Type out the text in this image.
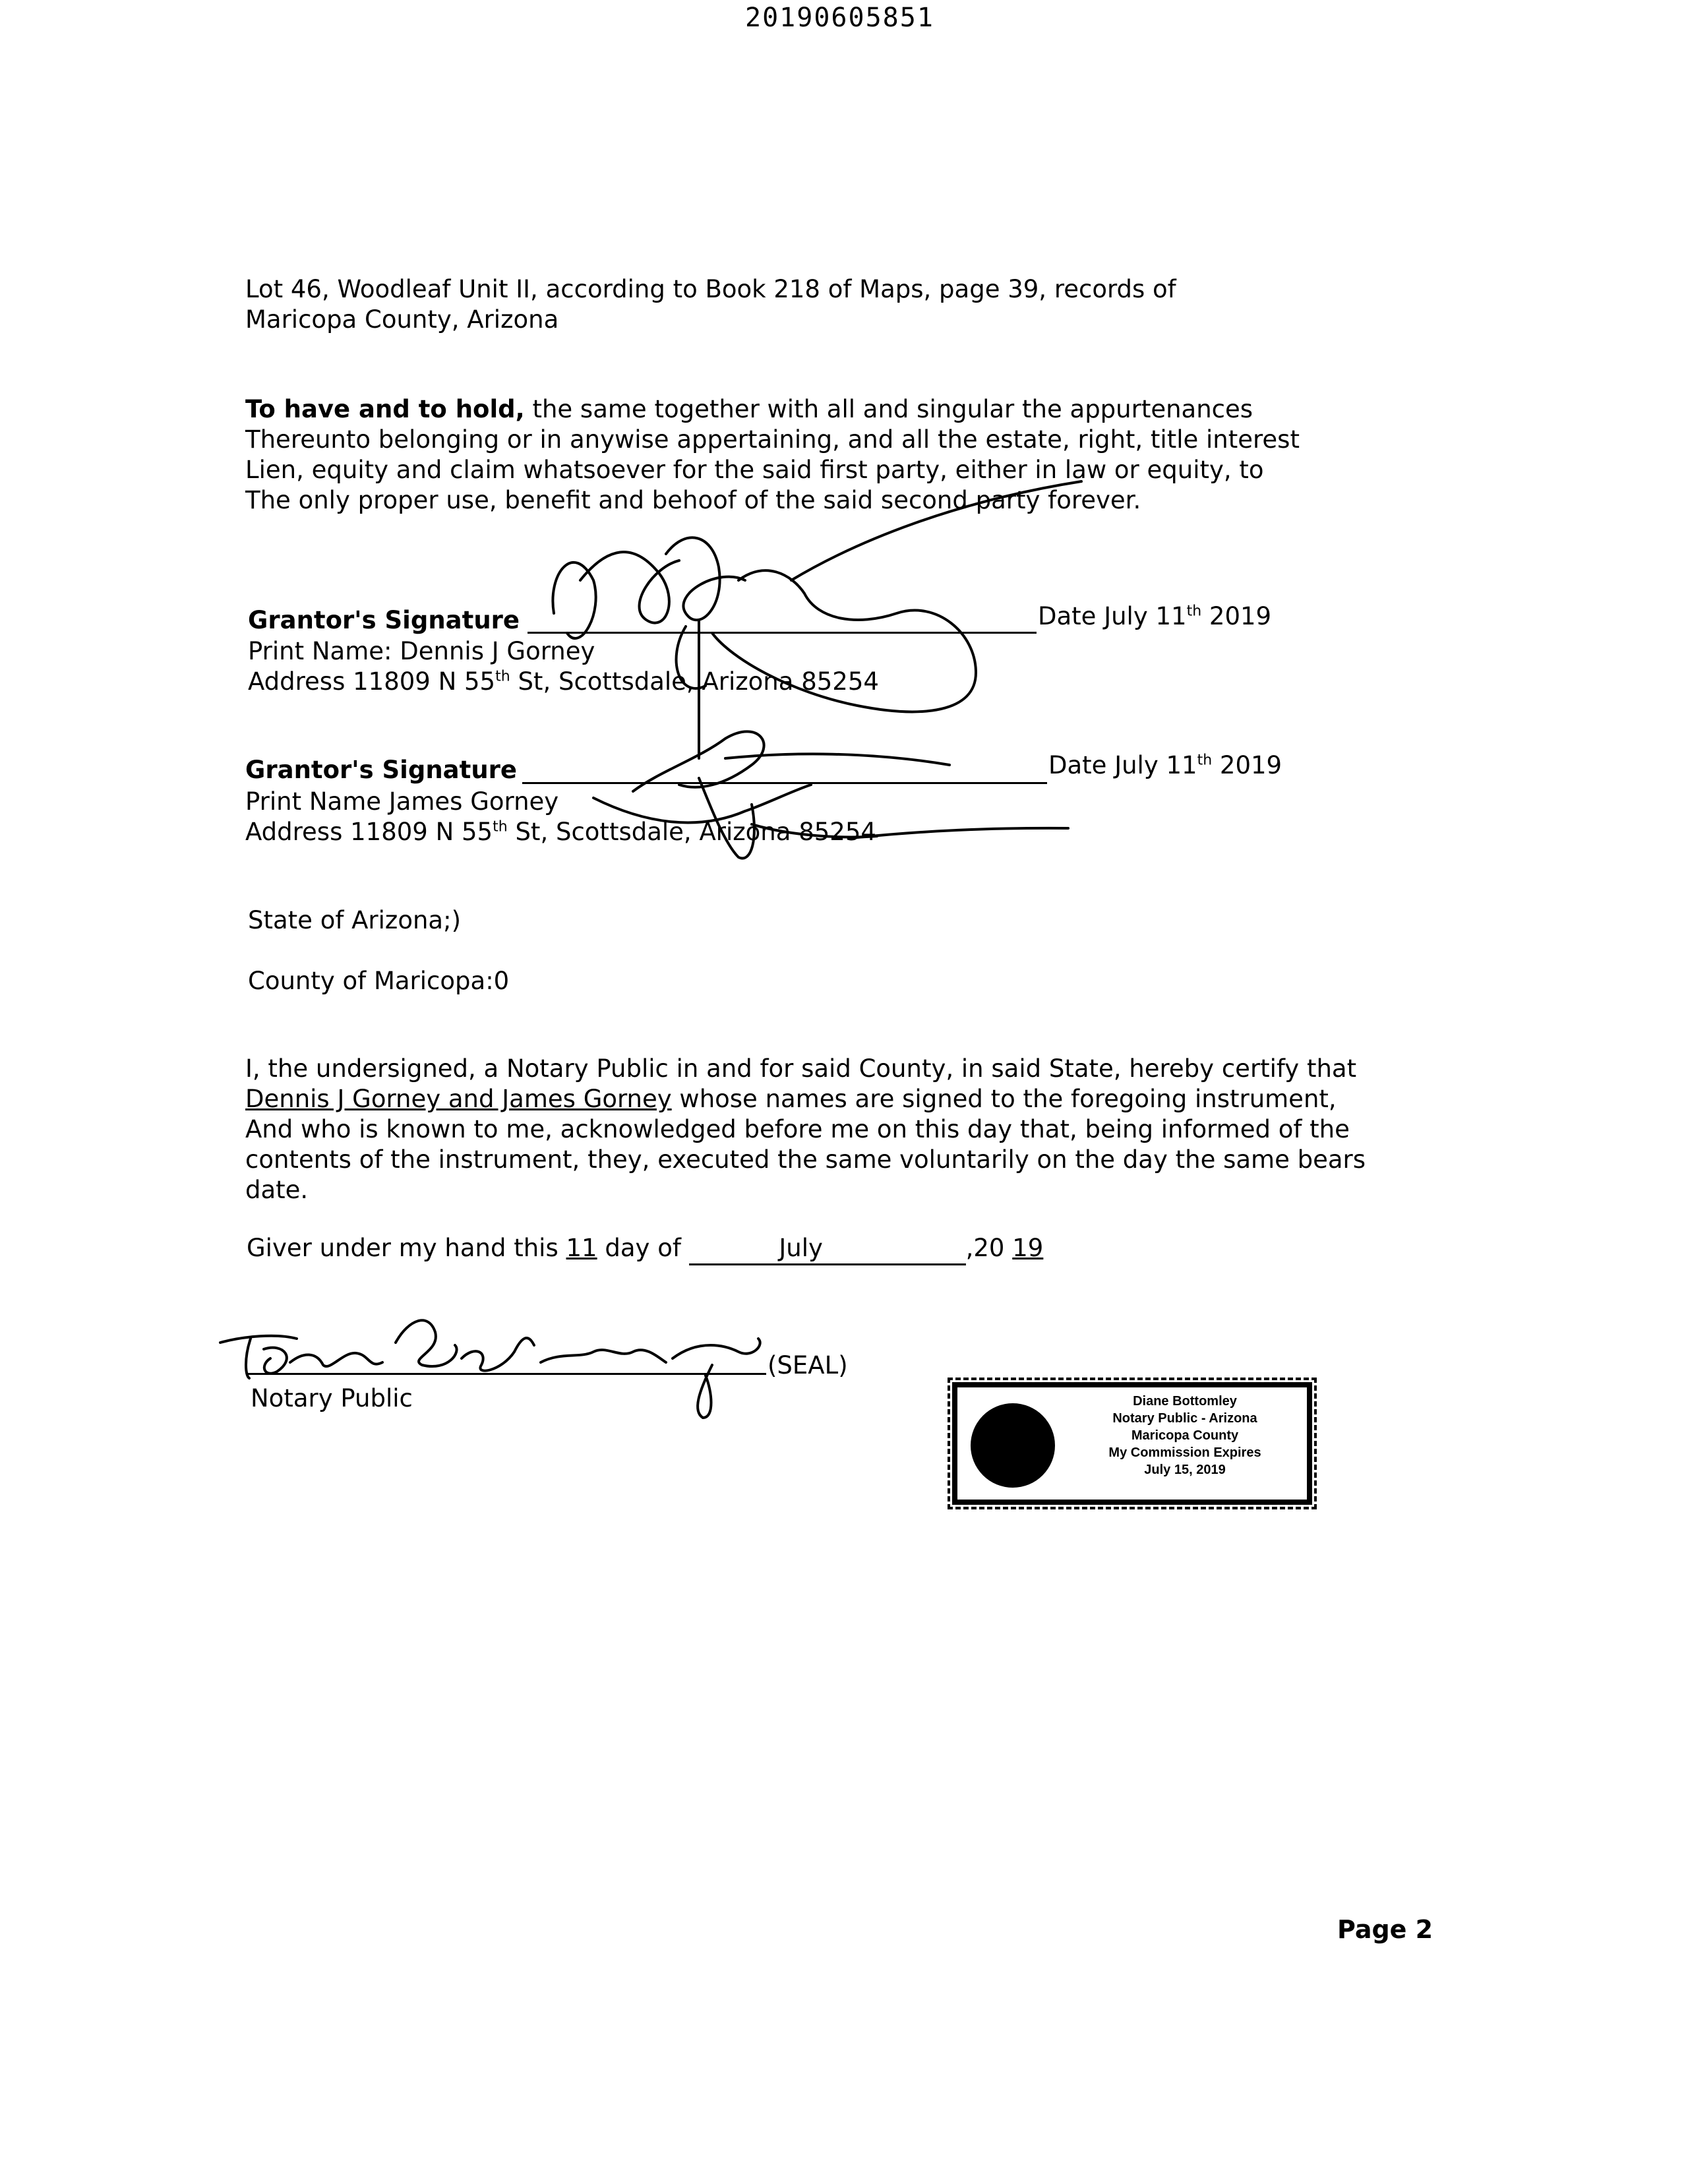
20190605851
Lot 46, Woodleaf Unit II, according to Book 218 of Maps, page 39, records of
Maricopa County, Arizona
To have and to hold, the same together with all and singular the appurtenances
Thereunto belonging or in anywise appertaining, and all the estate, right, title interest
Lien, equity and claim whatsoever for the said first party, either in law or equity, to
The only proper use, benefit and behoof of the said second party forever.
Grantor's Signature	Date July 11th 2019
Print Name: Dennis J Gorney
Address 11809 N 55th St, Scottsdale, Arizona 85254
Grantor's Signature	Date July 11th 2019
Print Name James Gorney
Address 11809 N 55th St, Scottsdale, Arizona 85254
State of Arizona;)
County of Maricopa:0
I, the undersigned, a Notary Public in and for said County, in said State, hereby certify that
Dennis J Gorney and James Gorney whose names are signed to the foregoing instrument,
And who is known to me, acknowledged before me on this day that, being informed of the
contents of the instrument, they, executed the same voluntarily on the day the same bears
date.
Giver under my hand this 11 day of	July	,20 19
(SEAL)
Notary Public	Diane Bottomley
Notary Public - Arizona
Maricopa County
My Commission Expires
July 15, 2019
Page 2
